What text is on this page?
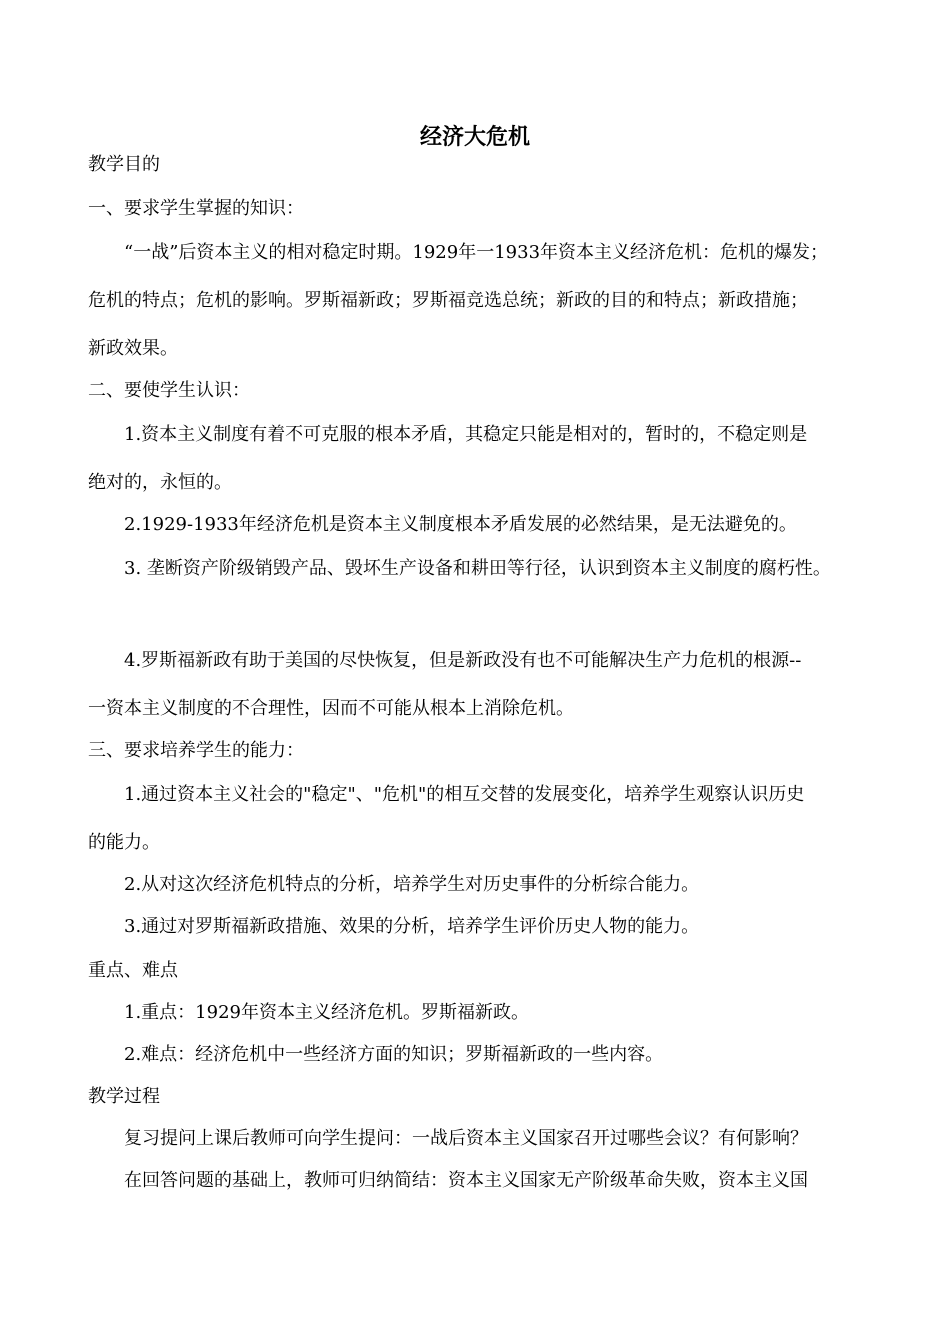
经济大危机
教学目的
一、要求学生掌握的知识：
“一战”后资本主义的相对稳定时期。1929年一1933年资本主义经济危机：危机的爆发；
危机的特点；危机的影响。罗斯福新政；罗斯福竞选总统；新政的目的和特点；新政措施；
新政效果。
二、要使学生认识：
1.资本主义制度有着不可克服的根本矛盾，其稳定只能是相对的，暂时的，不稳定则是
绝对的，永恒的。
2.1929-1933年经济危机是资本主义制度根本矛盾发展的必然结果，是无法避免的。
3. 垄断资产阶级销毁产品、毁坏生产设备和耕田等行径，认识到资本主义制度的腐朽性。
4.罗斯福新政有助于美国的尽快恢复，但是新政没有也不可能解决生产力危机的根源--
一资本主义制度的不合理性，因而不可能从根本上消除危机。
三、要求培养学生的能力：
1.通过资本主义社会的"稳定"、"危机"的相互交替的发展变化，培养学生观察认识历史
的能力。
2.从对这次经济危机特点的分析，培养学生对历史事件的分析综合能力。
3.通过对罗斯福新政措施、效果的分析，培养学生评价历史人物的能力。
重点、难点
1.重点：1929年资本主义经济危机。罗斯福新政。
2.难点：经济危机中一些经济方面的知识；罗斯福新政的一些内容。
教学过程
复习提问上课后教师可向学生提问：一战后资本主义国家召开过哪些会议？有何影响？
在回答问题的基础上，教师可归纳简结：资本主义国家无产阶级革命失败，资本主义国
